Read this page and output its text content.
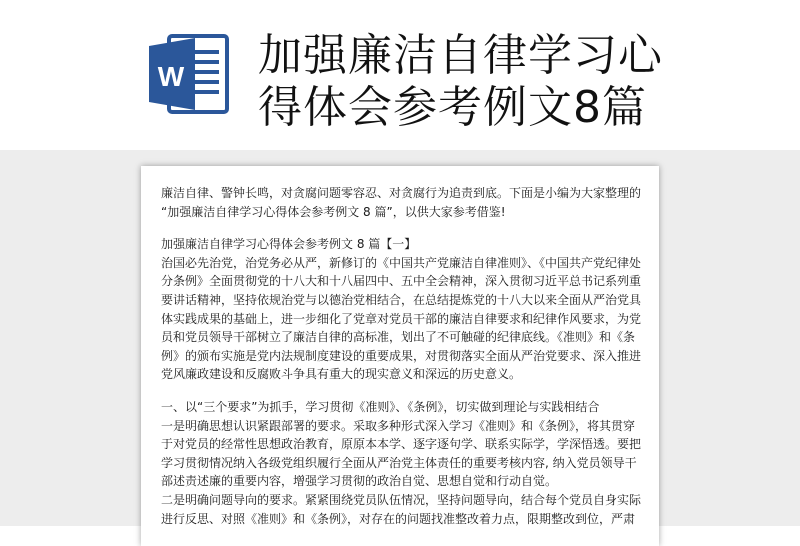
W 加强廉洁自律学习心
得体会参考例文8篇

廉洁自律、警钟长鸣，对贪腐问题零容忍、对贪腐行为追责到底。下面是小编为大家整理的

“加强廉洁自律学习心得体会参考例文 8 篇”，以供大家参考借鉴!

加强廉洁自律学习心得体会参考例文 8 篇【一】

治国必先治党，治党务必从严，新修订的《中国共产党廉洁自律准则》、《中国共产党纪律处

分条例》全面贯彻党的十八大和十八届四中、五中全会精神，深入贯彻习近平总书记系列重

要讲话精神，坚持依规治党与以德治党相结合，在总结提炼党的十八大以来全面从严治党具

体实践成果的基础上，进一步细化了党章对党员干部的廉洁自律要求和纪律作风要求，为党

员和党员领导干部树立了廉洁自律的高标准，划出了不可触碰的纪律底线。《准则》和《条

例》的颁布实施是党内法规制度建设的重要成果，对贯彻落实全面从严治党要求、深入推进

党风廉政建设和反腐败斗争具有重大的现实意义和深远的历史意义。

一、以“三个要求”为抓手，学习贯彻《准则》、《条例》，切实做到理论与实践相结合

一是明确思想认识紧跟部署的要求。采取多种形式深入学习《准则》和《条例》，将其贯穿

于对党员的经常性思想政治教育，原原本本学、逐字逐句学、联系实际学，学深悟透。要把

学习贯彻情况纳入各级党组织履行全面从严治党主体责任的重要考核内容, 纳入党员领导干

部述责述廉的重要内容，增强学习贯彻的政治自觉、思想自觉和行动自觉。

二是明确问题导向的要求。紧紧围绕党员队伍情况，坚持问题导向，结合每个党员自身实际

进行反思、对照《准则》和《条例》，对存在的问题找准整改着力点，限期整改到位，严肃
